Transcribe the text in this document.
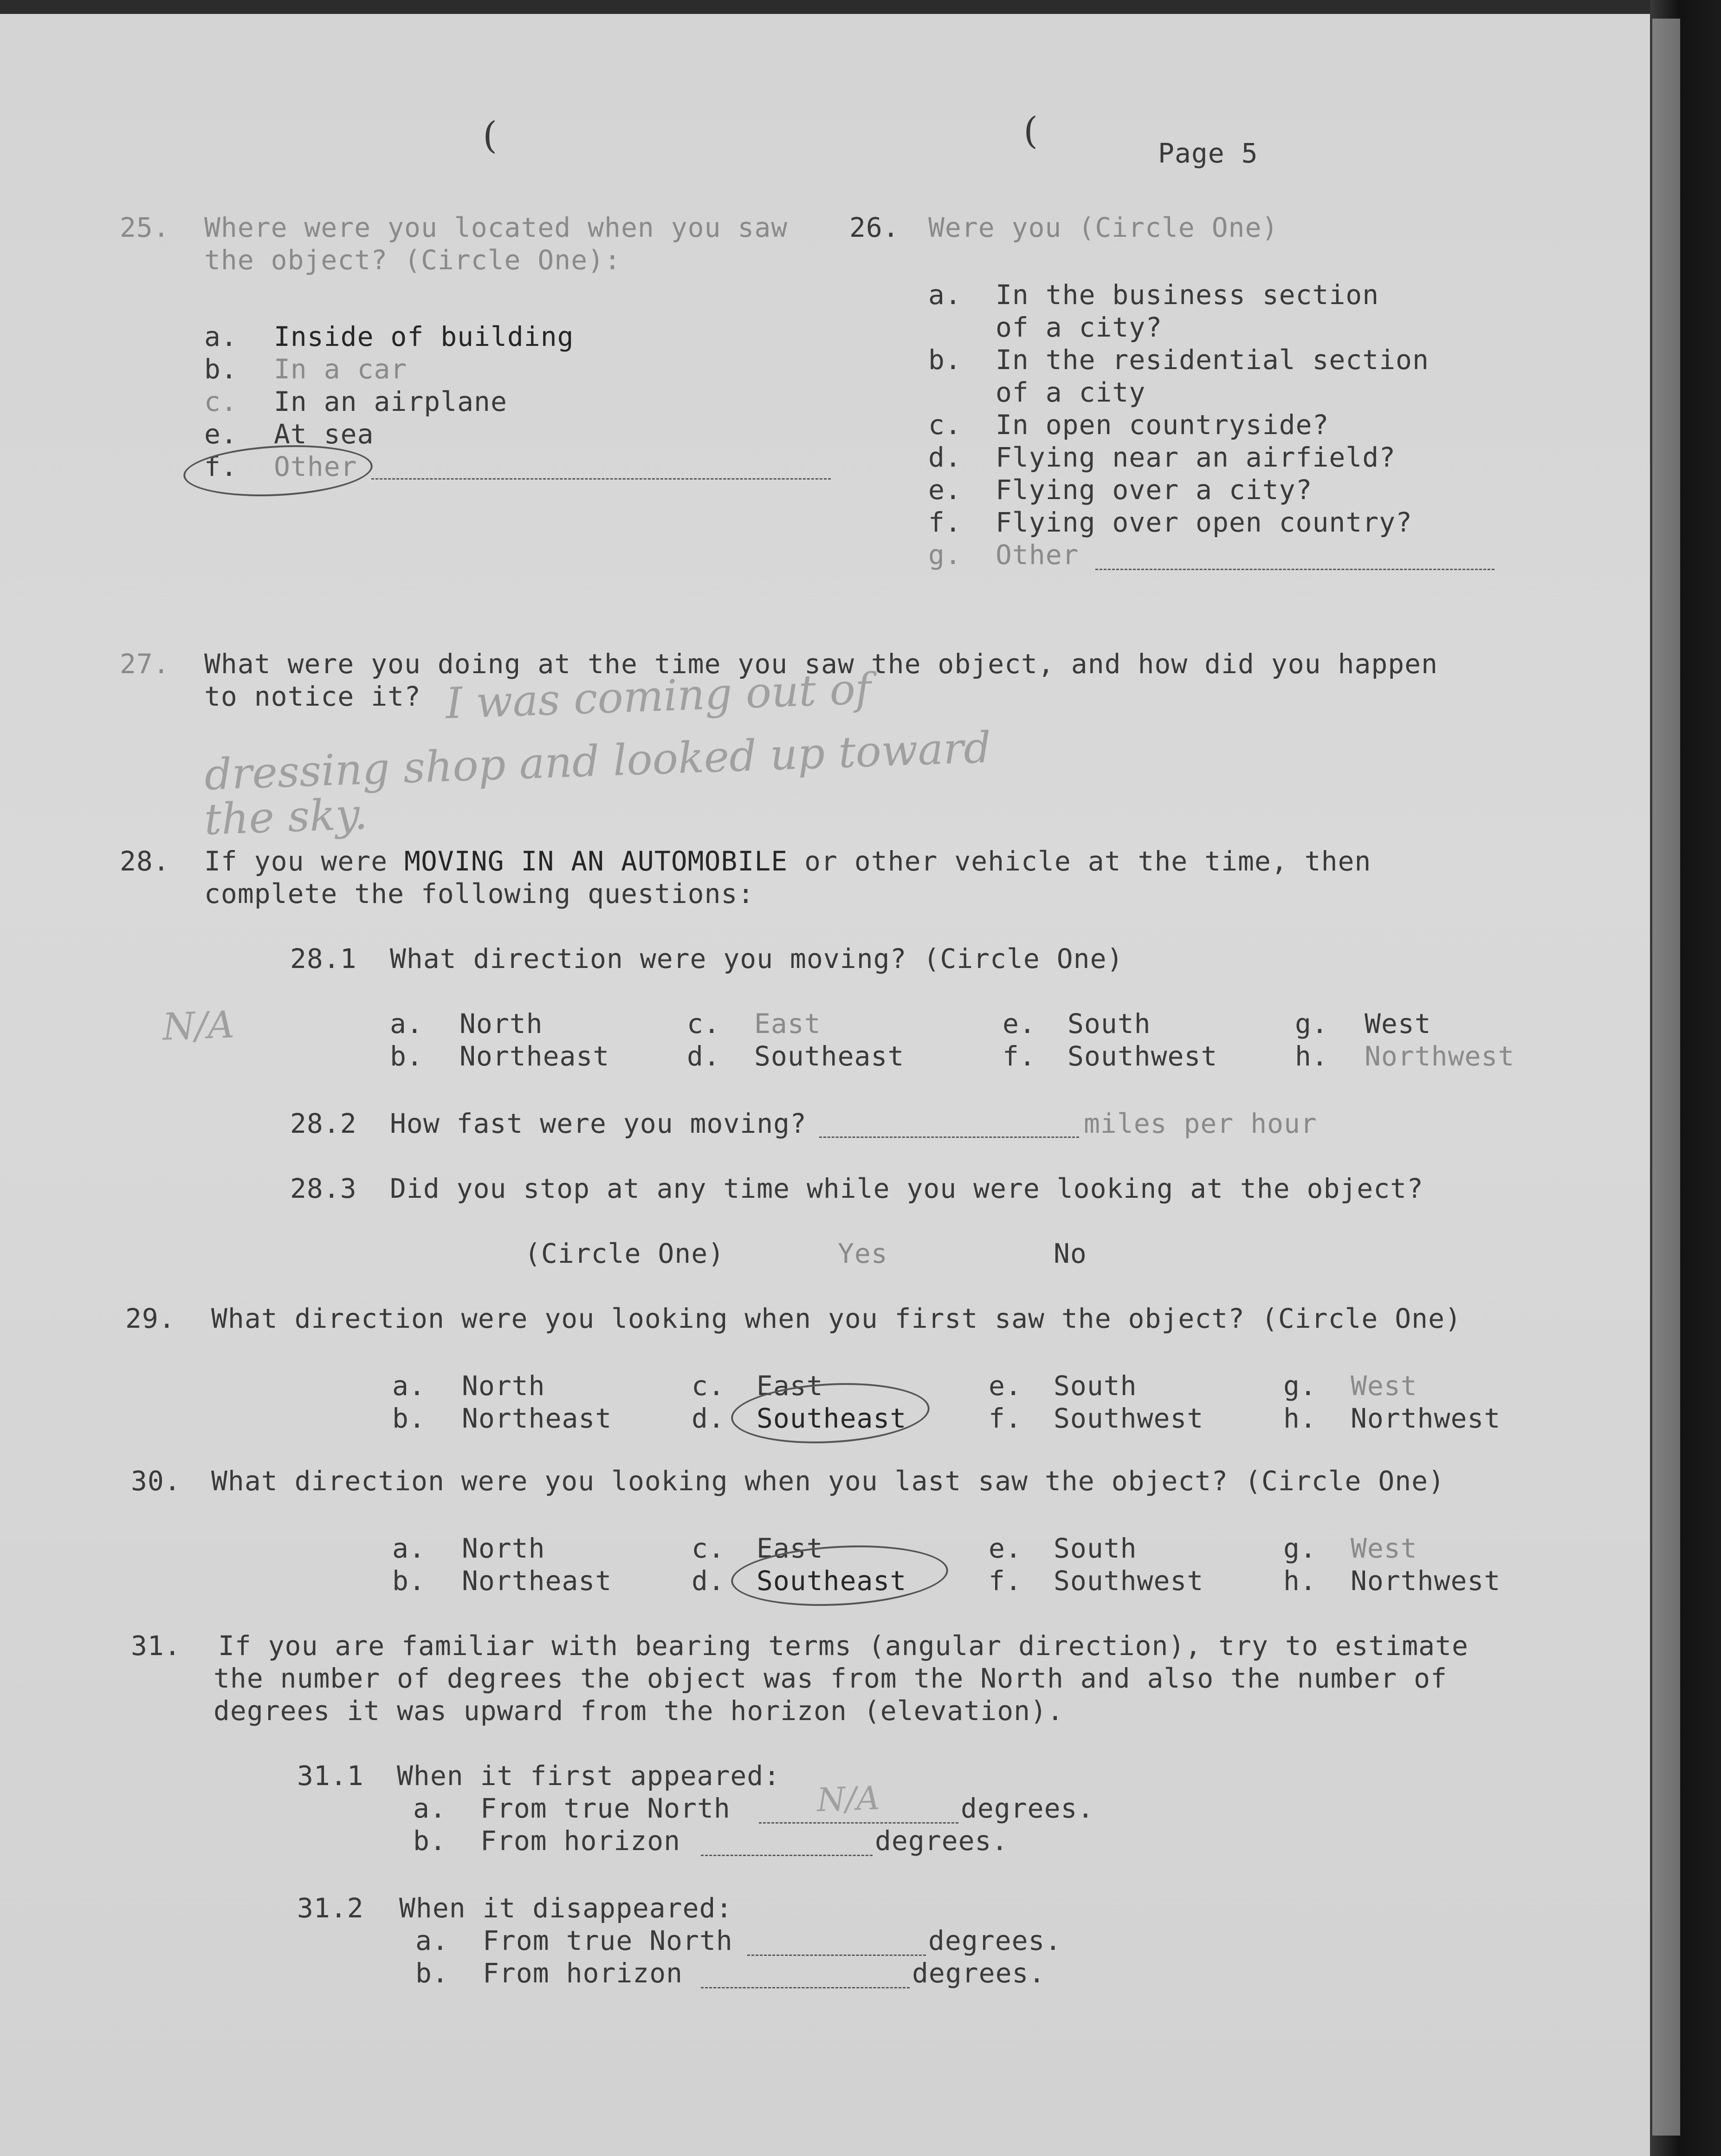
(	(
Page 5
25. Where were you located when you saw
the object? (Circle One):
a. Inside of building
b. In a car
c. In an airplane
e. At sea
f. Other
26. Were you (Circle One)
a. In the business section
of a city?
b. In the residential section
of a city
c. In open countryside?
d. Flying near an airfield?
e. Flying over a city?
f. Flying over open country?
g. Other
27. What were you doing at the time you saw the object, and how did you happen
to notice it? I was coming out of
dressing shop and looked up toward
the sky.
28. If you were MOVING IN AN AUTOMOBILE or other vehicle at the time, then
complete the following questions:
N/A
28.1 What direction were you moving? (Circle One)
a. North	c. East	e. South	g. West
b. Northeast	d. Southeast	f. Southwest	h. Northwest
28.2 How fast were you moving?	miles per hour
28.3 Did you stop at any time while you were looking at the object?
(Circle One)	Yes	No
29. What direction were you looking when you first saw the object? (Circle One)
a. North	c. East	e. South	g. West
b. Northeast	d. Southeast	f. Southwest	h. Northwest
30. What direction were you looking when you last saw the object? (Circle One)
a. North	c. East	e. South	g. West
b. Northeast	d. Southeast	f. Southwest	h. Northwest
31. If you are familiar with bearing terms (angular direction), try to estimate
the number of degrees the object was from the North and also the number of
degrees it was upward from the horizon (elevation).
31.1 When it first appeared:
a. From true North	N/A	degrees.
b. From horizon	degrees.
31.2 When it disappeared:
a. From true North	degrees.
b. From horizon	degrees.
